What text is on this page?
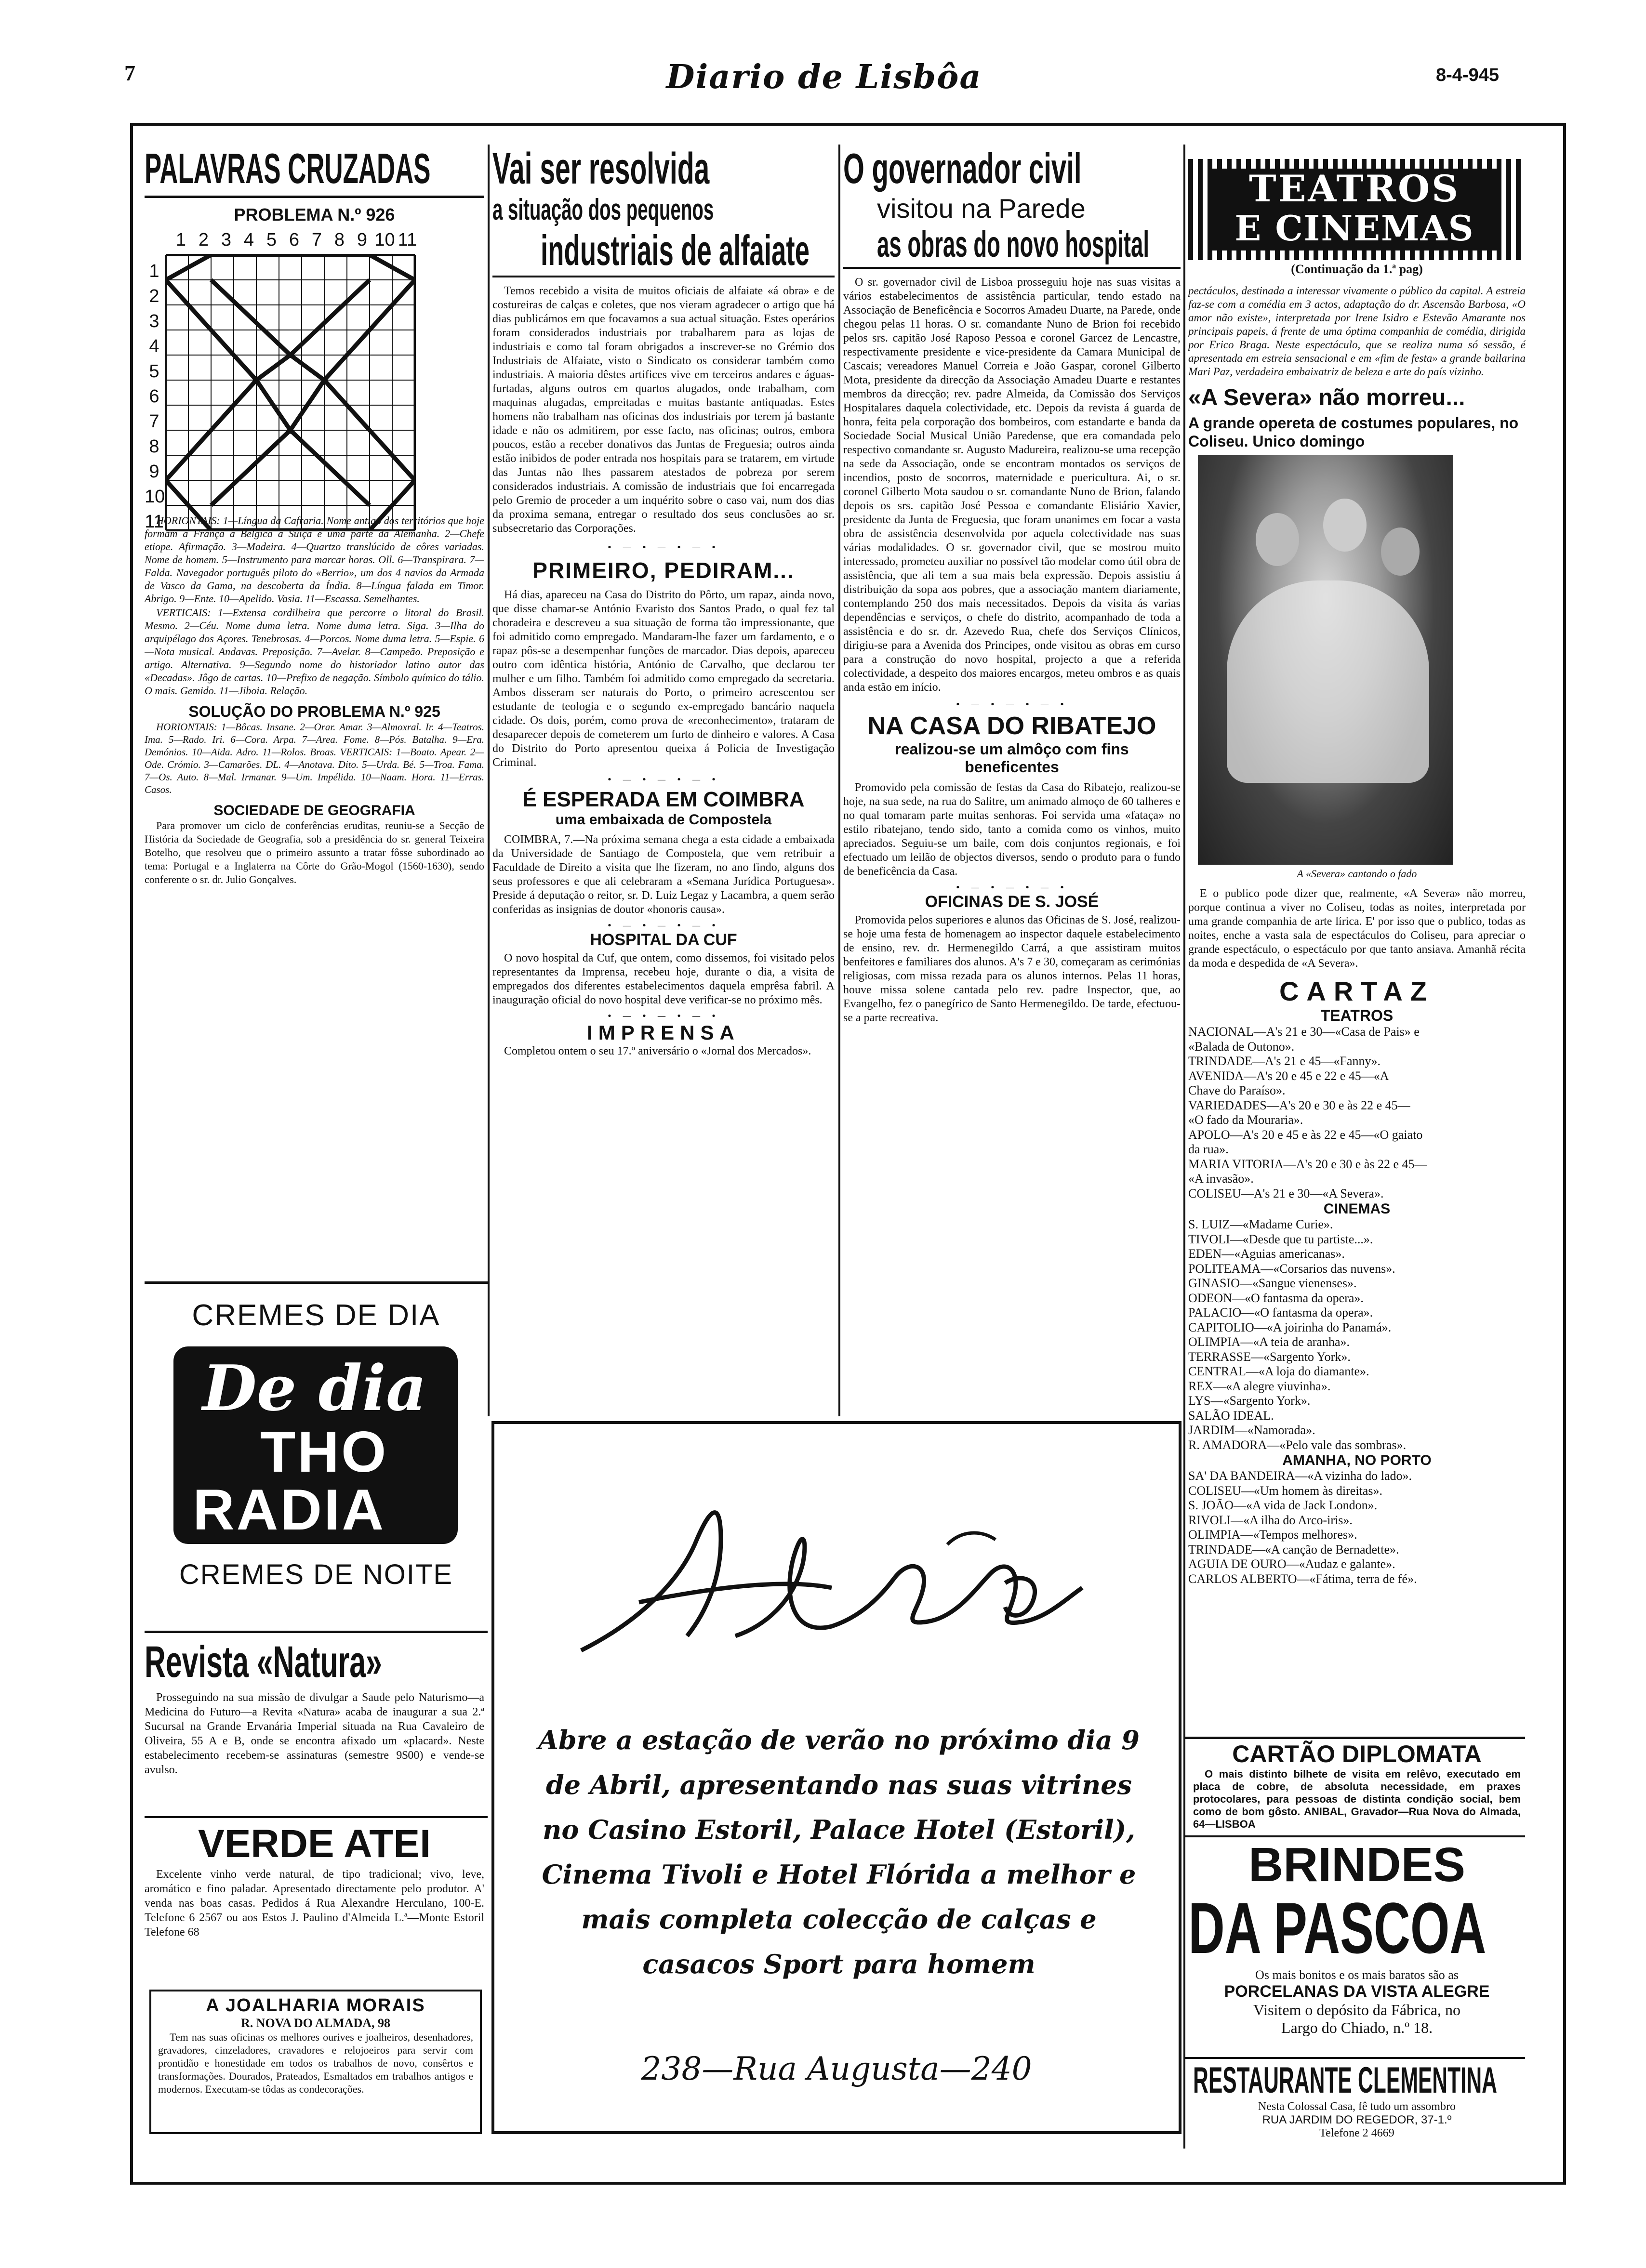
7	Diario de Lisbôa	8-4-945
PALAVRAS CRUZADAS
PROBLEMA N.º 926
1 2 3 4 5 6 7 8 9 10 11
1
2
3
4
5
6
7
8
9
10
11

HORIONTAIS: 1—Língua da Cafraria. Nome antigo dos territórios que hoje formam a França a Bélgica a Suíça e uma parte da Alemanha. 2—Chefe etiope. Afirmação. 3—Madeira. 4—Quartzo translúcido de côres variadas. Nome de homem. 5—Instrumento para marcar horas. Oll. 6—Transpirara. 7—Falda. Navegador português piloto do «Berrio», um dos 4 navios da Armada de Vasco da Gama, na descoberta da Índia. 8—Língua falada em Timor. Abrigo. 9—Ente. 10—Apelido. Vasia. 11—Escassa. Semelhantes.

VERTICAIS: 1—Extensa cordilheira que percorre o litoral do Brasil. Mesmo. 2—Céu. Nome duma letra. Nome duma letra. Siga. 3—Ilha do arquipélago dos Açores. Tenebrosas. 4—Porcos. Nome duma letra. 5—Espie. 6—Nota musical. Andavas. Preposição. 7—Avelar. 8—Campeão. Preposição e artigo. Alternativa. 9—Segundo nome do historiador latino autor das «Decadas». Jôgo de cartas. 10—Prefixo de negação. Símbolo químico do tálio. O mais. Gemido. 11—Jiboia. Relação.

SOLUÇÃO DO PROBLEMA N.º 925
HORIONTAIS: 1—Bôcas. Insane. 2—Orar. Amar. 3—Almoxral. Ir. 4—Teatros. Ima. 5—Rado. Iri. 6—Cora. Arpa. 7—Area. Fome. 8—Pós. Batalha. 9—Era. Demónios. 10—Aida. Adro. 11—Rolos. Broas. VERTICAIS: 1—Boato. Apear. 2—Ode. Crómio. 3—Camarões. DL. 4—Anotava. Dito. 5—Urda. Bé. 5—Troa. Fama. 7—Os. Auto. 8—Mal. Irmanar. 9—Um. Impélida. 10—Naam. Hora. 11—Erras. Casos.
SOCIEDADE DE GEOGRAFIA
Para promover um ciclo de conferências eruditas, reuniu-se a Secção de História da Sociedade de Geografia, sob a presidência do sr. general Teixeira Botelho, que resolveu que o primeiro assunto a tratar fôsse subordinado ao tema: Portugal e a Inglaterra na Côrte do Grão-Mogol (1560-1630), sendo conferente o sr. dr. Julio Gonçalves.
CREMES DE DIA
De dia
THO
RADIA
CREMES DE NOITE
Revista «Natura»
Prosseguindo na sua missão de divulgar a Saude pelo Naturismo—a Medicina do Futuro—a Revita «Natura» acaba de inaugurar a sua 2.ª Sucursal na Grande Ervanária Imperial situada na Rua Cavaleiro de Oliveira, 55 A e B, onde se encontra afixado um «placard». Neste estabelecimento recebem-se assinaturas (semestre 9$00) e vende-se avulso.
VERDE ATEI
Excelente vinho verde natural, de tipo tradicional; vivo, leve, aromático e fino paladar. Apresentado directamente pelo produtor. A' venda nas boas casas. Pedidos á Rua Alexandre Herculano, 100-E. Telefone 6 2567 ou aos Estos J. Paulino d'Almeida L.ª—Monte Estoril Telefone 68
A JOALHARIA MORAIS
R. NOVA DO ALMADA, 98
Tem nas suas oficinas os melhores ourives e joalheiros, desenhadores, gravadores, cinzeladores, cravadores e relojoeiros para servir com prontidão e honestidade em todos os trabalhos de novo, consêrtos e transformações. Dourados, Prateados, Esmaltados em trabalhos antigos e modernos. Executam-se tôdas as condecorações.
Vai ser resolvida
a situação dos pequenos
industriais de alfaiate
Temos recebido a visita de muitos oficiais de alfaiate «á obra» e de costureiras de calças e coletes, que nos vieram agradecer o artigo que há dias publicámos em que focavamos a sua actual situação. Estes operários foram considerados industriais por trabalharem para as lojas de industriais e como tal foram obrigados a inscrever-se no Grémio dos Industriais de Alfaiate, visto o Sindicato os considerar também como industriais. A maioria dêstes artifices vive em terceiros andares e águas-furtadas, alguns outros em quartos alugados, onde trabalham, com maquinas alugadas, empreitadas e muitas bastante antiquadas. Estes homens não trabalham nas oficinas dos industriais por terem já bastante idade e não os admitirem, por esse facto, nas oficinas; outros, embora poucos, estão a receber donativos das Juntas de Freguesia; outros ainda estão inibidos de poder entrada nos hospitais para se tratarem, em virtude das Juntas não lhes passarem atestados de pobreza por serem considerados industriais. A comissão de industriais que foi encarregada pelo Gremio de proceder a um inquérito sobre o caso vai, num dos dias da proxima semana, entregar o resultado dos seus conclusões ao sr. subsecretario das Corporações.
• — • — • — •
PRIMEIRO, PEDIRAM...
Há dias, apareceu na Casa do Distrito do Pôrto, um rapaz, ainda novo, que disse chamar-se António Evaristo dos Santos Prado, o qual fez tal choradeira e descreveu a sua situação de forma tão impressionante, que foi admitido como empregado. Mandaram-lhe fazer um fardamento, e o rapaz pôs-se a desempenhar funções de marcador. Dias depois, apareceu outro com idêntica história, António de Carvalho, que declarou ter mulher e um filho. Também foi admitido como empregado da secretaria. Ambos disseram ser naturais do Porto, o primeiro acrescentou ser estudante de teologia e o segundo ex-empregado bancário naquela cidade. Os dois, porém, como prova de «reconhecimento», trataram de desaparecer depois de cometerem um furto de dinheiro e valores. A Casa do Distrito do Porto apresentou queixa á Policia de Investigação Criminal.
• — • — • — •
É ESPERADA EM COIMBRA
uma embaixada de Compostela
COIMBRA, 7.—Na próxima semana chega a esta cidade a embaixada da Universidade de Santiago de Compostela, que vem retribuir a Faculdade de Direito a visita que lhe fizeram, no ano findo, alguns dos seus professores e que ali celebraram a «Semana Jurídica Portuguesa». Preside á deputação o reitor, sr. D. Luiz Legaz y Lacambra, a quem serão conferidas as insignias de doutor «honoris causa».
• — • — • — •
HOSPITAL DA CUF
O novo hospital da Cuf, que ontem, como dissemos, foi visitado pelos representantes da Imprensa, recebeu hoje, durante o dia, a visita de empregados dos diferentes estabelecimentos daquela emprêsa fabril. A inauguração oficial do novo hospital deve verificar-se no próximo mês.
• — • — • — •
IMPRENSA
Completou ontem o seu 17.º aniversário o «Jornal dos Mercados».
O governador civil
visitou na Parede
as obras do novo hospital
O sr. governador civil de Lisboa prosseguiu hoje nas suas visitas a vários estabelecimentos de assistência particular, tendo estado na Associação de Beneficência e Socorros Amadeu Duarte, na Parede, onde chegou pelas 11 horas. O sr. comandante Nuno de Brion foi recebido pelos srs. capitão José Raposo Pessoa e coronel Garcez de Lencastre, respectivamente presidente e vice-presidente da Camara Municipal de Cascais; vereadores Manuel Correia e João Gaspar, coronel Gilberto Mota, presidente da direcção da Associação Amadeu Duarte e restantes membros da direcção; rev. padre Almeida, da Comissão dos Serviços Hospitalares daquela colectividade, etc. Depois da revista á guarda de honra, feita pela corporação dos bombeiros, com estandarte e banda da Sociedade Social Musical União Paredense, que era comandada pelo respectivo comandante sr. Augusto Madureira, realizou-se uma recepção na sede da Associação, onde se encontram montados os serviços de incendios, posto de socorros, maternidade e puericultura. Ai, o sr. coronel Gilberto Mota saudou o sr. comandante Nuno de Brion, falando depois os srs. capitão José Pessoa e comandante Elisiário Xavier, presidente da Junta de Freguesia, que foram unanimes em focar a vasta obra de assistência desenvolvida por aquela colectividade nas suas várias modalidades. O sr. governador civil, que se mostrou muito interessado, prometeu auxiliar no possível tão modelar como útil obra de assistência, que ali tem a sua mais bela expressão. Depois assistiu á distribuição da sopa aos pobres, que a associação mantem diariamente, contemplando 250 dos mais necessitados. Depois da visita ás varias dependências e serviços, o chefe do distrito, acompanhado de toda a assistência e do sr. dr. Azevedo Rua, chefe dos Serviços Clínicos, dirigiu-se para a Avenida dos Principes, onde visitou as obras em curso para a construção do novo hospital, projecto a que a referida colectividade, a despeito dos maiores encargos, meteu ombros e as quais anda estão em início.
• — • — • — •
NA CASA DO RIBATEJO
realizou-se um almôço com fins beneficentes
Promovido pela comissão de festas da Casa do Ribatejo, realizou-se hoje, na sua sede, na rua do Salitre, um animado almoço de 60 talheres e no qual tomaram parte muitas senhoras. Foi servida uma «fataça» no estilo ribatejano, tendo sido, tanto a comida como os vinhos, muito apreciados. Seguiu-se um baile, com dois conjuntos regionais, e foi efectuado um leilão de objectos diversos, sendo o produto para o fundo de beneficência da Casa.
• — • — • — •
OFICINAS DE S. JOSÉ
Promovida pelos superiores e alunos das Oficinas de S. José, realizou-se hoje uma festa de homenagem ao inspector daquele estabelecimento de ensino, rev. dr. Hermenegildo Carrá, a que assistiram muitos benfeitores e familiares dos alunos. A's 7 e 30, começaram as cerimónias religiosas, com missa rezada para os alunos internos. Pelas 11 horas, houve missa solene cantada pelo rev. padre Inspector, que, ao Evangelho, fez o panegírico de Santo Hermenegildo. De tarde, efectuou-se a parte recreativa.
Abre a estação de verão no próximo dia 9 de Abril, apresentando nas suas vitrines no Casino Estoril, Palace Hotel (Estoril), Cinema Tivoli e Hotel Flórida a melhor e mais completa colecção de calças e casacos Sport para homem
238—Rua Augusta—240
TEATROS
E CINEMAS
(Continuação da 1.ª pag)
pectáculos, destinada a interessar vivamente o público da capital. A estreia faz-se com a comédia em 3 actos, adaptação do dr. Ascensão Barbosa, «O amor não existe», interpretada por Irene Isidro e Estevão Amarante nos principais papeis, á frente de uma óptima companhia de comédia, dirigida por Erico Braga. Neste espectáculo, que se realiza numa só sessão, é apresentada em estreia sensacional e em «fim de festa» a grande bailarina Mari Paz, verdadeira embaixatriz de beleza e arte do país vizinho.
«A Severa» não morreu...
A grande opereta de costumes populares, no Coliseu. Unico domingo
A «Severa» cantando o fado
E o publico pode dizer que, realmente, «A Severa» não morreu, porque continua a viver no Coliseu, todas as noites, interpretada por uma grande companhia de arte lírica. E' por isso que o publico, todas as noites, enche a vasta sala de espectáculos do Coliseu, para apreciar o grande espectáculo, o espectáculo por que tanto ansiava. Amanhã récita da moda e despedida de «A Severa».
CARTAZ
TEATROS
NACIONAL—A's 21 e 30—«Casa de Pais» e
«Balada de Outono».
TRINDADE—A's 21 e 45—«Fanny».
AVENIDA—A's 20 e 45 e 22 e 45—«A
Chave do Paraíso».
VARIEDADES—A's 20 e 30 e às 22 e 45—
«O fado da Mouraria».
APOLO—A's 20 e 45 e às 22 e 45—«O gaiato
da rua».
MARIA VITORIA—A's 20 e 30 e às 22 e 45—
«A invasão».
COLISEU—A's 21 e 30—«A Severa».
CINEMAS
S. LUIZ—«Madame Curie».
TIVOLI—«Desde que tu partiste...».
EDEN—«Aguias americanas».
POLITEAMA—«Corsarios das nuvens».
GINASIO—«Sangue vienenses».
ODEON—«O fantasma da opera».
PALACIO—«O fantasma da opera».
CAPITOLIO—«A joirinha do Panamá».
OLIMPIA—«A teia de aranha».
TERRASSE—«Sargento York».
CENTRAL—«A loja do diamante».
REX—«A alegre viuvinha».
LYS—«Sargento York».
SALÃO IDEAL.
JARDIM—«Namorada».
R. AMADORA—«Pelo vale das sombras».
AMANHA, NO PORTO
SA' DA BANDEIRA—«A vizinha do lado».
COLISEU—«Um homem às direitas».
S. JOÃO—«A vida de Jack London».
RIVOLI—«A ilha do Arco-iris».
OLIMPIA—«Tempos melhores».
TRINDADE—«A canção de Bernadette».
AGUIA DE OURO—«Audaz e galante».
CARLOS ALBERTO—«Fátima, terra de fé».
CARTÃO DIPLOMATA
O mais distinto bilhete de visita em relêvo, executado em placa de cobre, de absoluta necessidade, em praxes protocolares, para pessoas de distinta condição social, bem como de bom gôsto. ANIBAL, Gravador—Rua Nova do Almada, 64—LISBOA
BRINDES
DA PASCOA
Os mais bonitos e os mais baratos são as
PORCELANAS DA VISTA ALEGRE
Visitem o depósito da Fábrica, no
Largo do Chiado, n.º 18.
RESTAURANTE CLEMENTINA
Nesta Colossal Casa, fê tudo um assombro
RUA JARDIM DO REGEDOR, 37-1.º
Telefone 2 4669
